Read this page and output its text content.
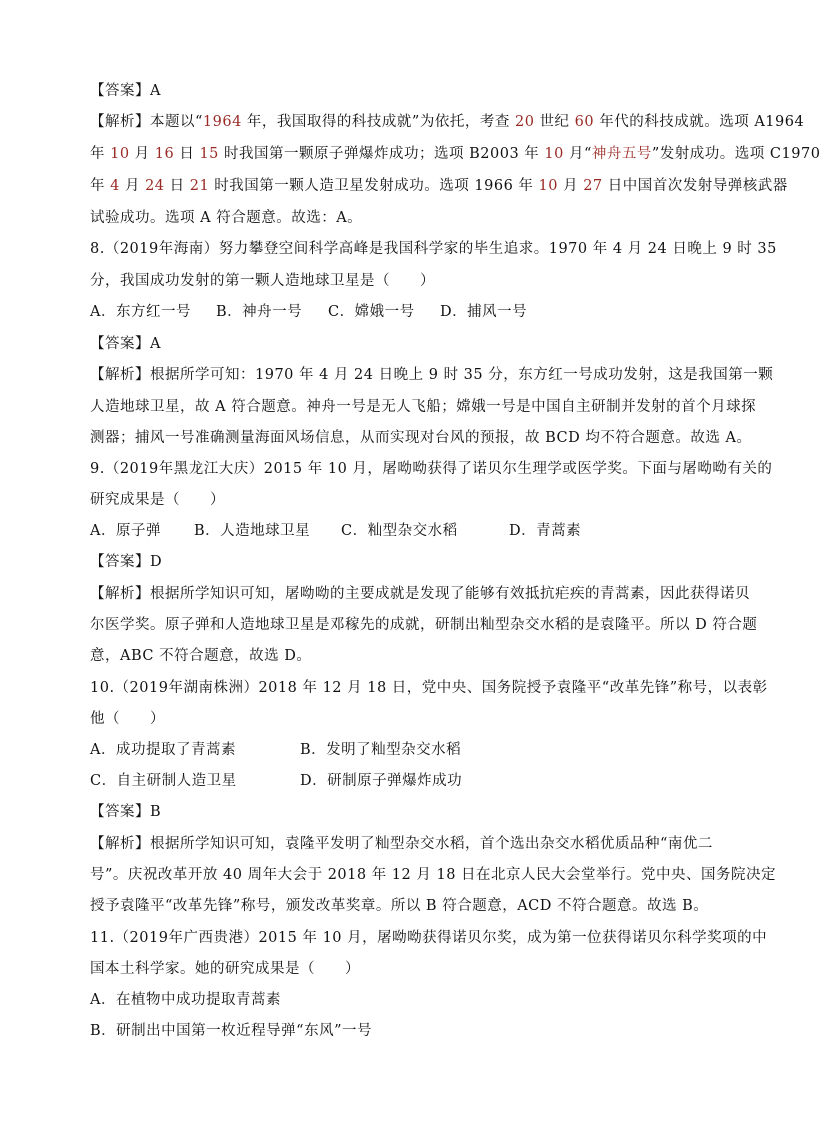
【答案】A
【解析】本题以“1964 年，我国取得的科技成就”为依托，考查 20 世纪 60 年代的科技成就。选项 A1964
年 10 月 16 日 15 时我国第一颗原子弹爆炸成功；选项 B2003 年 10 月“神舟五号”发射成功。选项 C1970
年 4 月 24 日 21 时我国第一颗人造卫星发射成功。选项 1966 年 10 月 27 日中国首次发射导弹核武器
试验成功。选项 A 符合题意。故选：A。
8.（2019年海南）努力攀登空间科学高峰是我国科学家的毕生追求。1970 年 4 月 24 日晚上 9 时 35
分，我国成功发射的第一颗人造地球卫星是（　　）
A．东方红一号 B．神舟一号 C．嫦娥一号 D．捕风一号
【答案】A
【解析】根据所学可知：1970 年 4 月 24 日晚上 9 时 35 分，东方红一号成功发射，这是我国第一颗
人造地球卫星，故 A 符合题意。神舟一号是无人飞船；嫦娥一号是中国自主研制并发射的首个月球探
测器；捕风一号准确测量海面风场信息，从而实现对台风的预报，故 BCD 均不符合题意。故选 A。
9.（2019年黑龙江大庆）2015 年 10 月，屠呦呦获得了诺贝尔生理学或医学奖。下面与屠呦呦有关的
研究成果是（　　）
A．原子弹 B．人造地球卫星 C．籼型杂交水稻	D．青蒿素
【答案】D
【解析】根据所学知识可知，屠呦呦的主要成就是发现了能够有效抵抗疟疾的青蒿素，因此获得诺贝
尔医学奖。原子弹和人造地球卫星是邓稼先的成就，研制出籼型杂交水稻的是袁隆平。所以 D 符合题
意，ABC 不符合题意，故选 D。
10.（2019年湖南株洲）2018 年 12 月 18 日，党中央、国务院授予袁隆平“改革先锋”称号，以表彰
他（　　）
A．成功提取了青蒿素	B．发明了籼型杂交水稻
C．自主研制人造卫星	D．研制原子弹爆炸成功
【答案】B
【解析】根据所学知识可知，袁隆平发明了籼型杂交水稻，首个选出杂交水稻优质品种“南优二
号”。庆祝改革开放 40 周年大会于 2018 年 12 月 18 日在北京人民大会堂举行。党中央、国务院决定
授予袁隆平“改革先锋”称号，颁发改革奖章。所以 B 符合题意，ACD 不符合题意。故选 B。
11.（2019年广西贵港）2015 年 10 月，屠呦呦获得诺贝尔奖，成为第一位获得诺贝尔科学奖项的中
国本土科学家。她的研究成果是（　　）
A．在植物中成功提取青蒿素
B．研制出中国第一枚近程导弹“东风”一号
